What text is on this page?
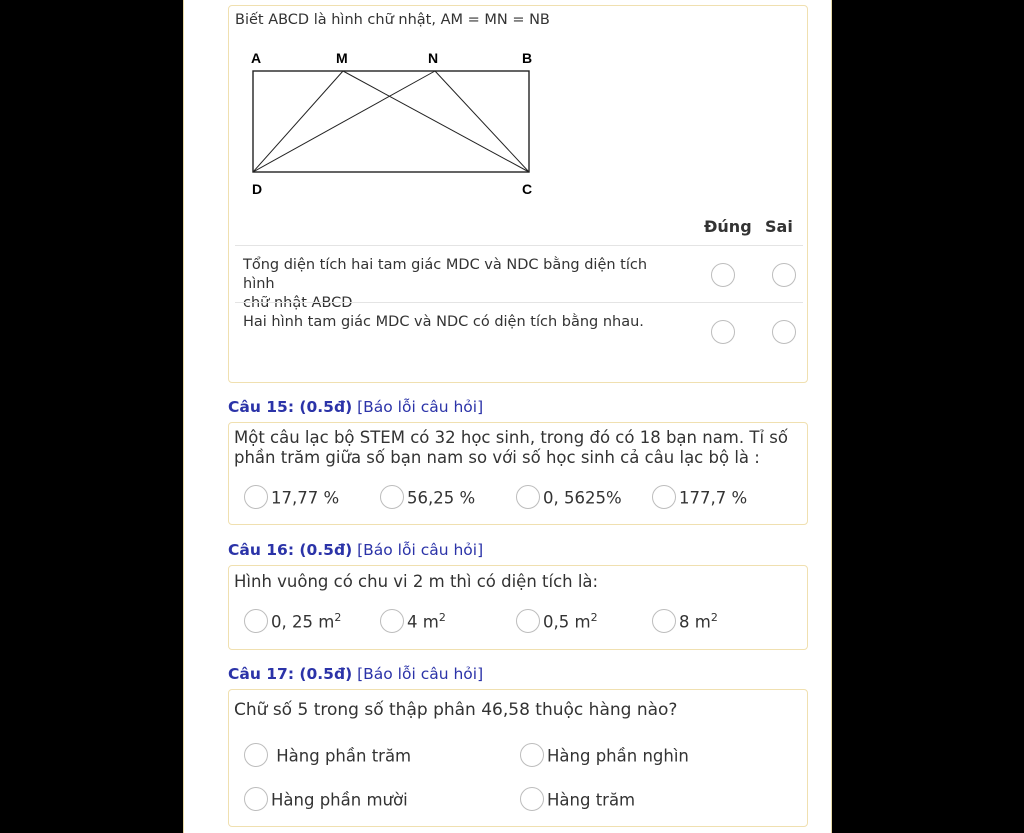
Biết ABCD là hình chữ nhật, AM = MN = NB
A	M	N	B
D	C
Đúng Sai
Tổng diện tích hai tam giác MDC và NDC bằng diện tích hình
chữ nhật ABCD
Hai hình tam giác MDC và NDC có diện tích bằng nhau.
Câu 15: (0.5đ) [Báo lỗi câu hỏi]
Một câu lạc bộ STEM có 32 học sinh, trong đó có 18 bạn nam. Tỉ số
phần trăm giữa số bạn nam so với số học sinh cả câu lạc bộ là :
17,77 %	56,25 %	0, 5625%	177,7 %
Câu 16: (0.5đ) [Báo lỗi câu hỏi]
Hình vuông có chu vi 2 m thì có diện tích là:
0, 25 $m^2$	4 $m^2$	0,5 $m^2$	8 $m^2$
Câu 17: (0.5đ) [Báo lỗi câu hỏi]
Chữ số 5 trong số thập phân 46,58 thuộc hàng nào?
Hàng phần trăm	Hàng phần nghìn
Hàng phần mười	Hàng trăm
